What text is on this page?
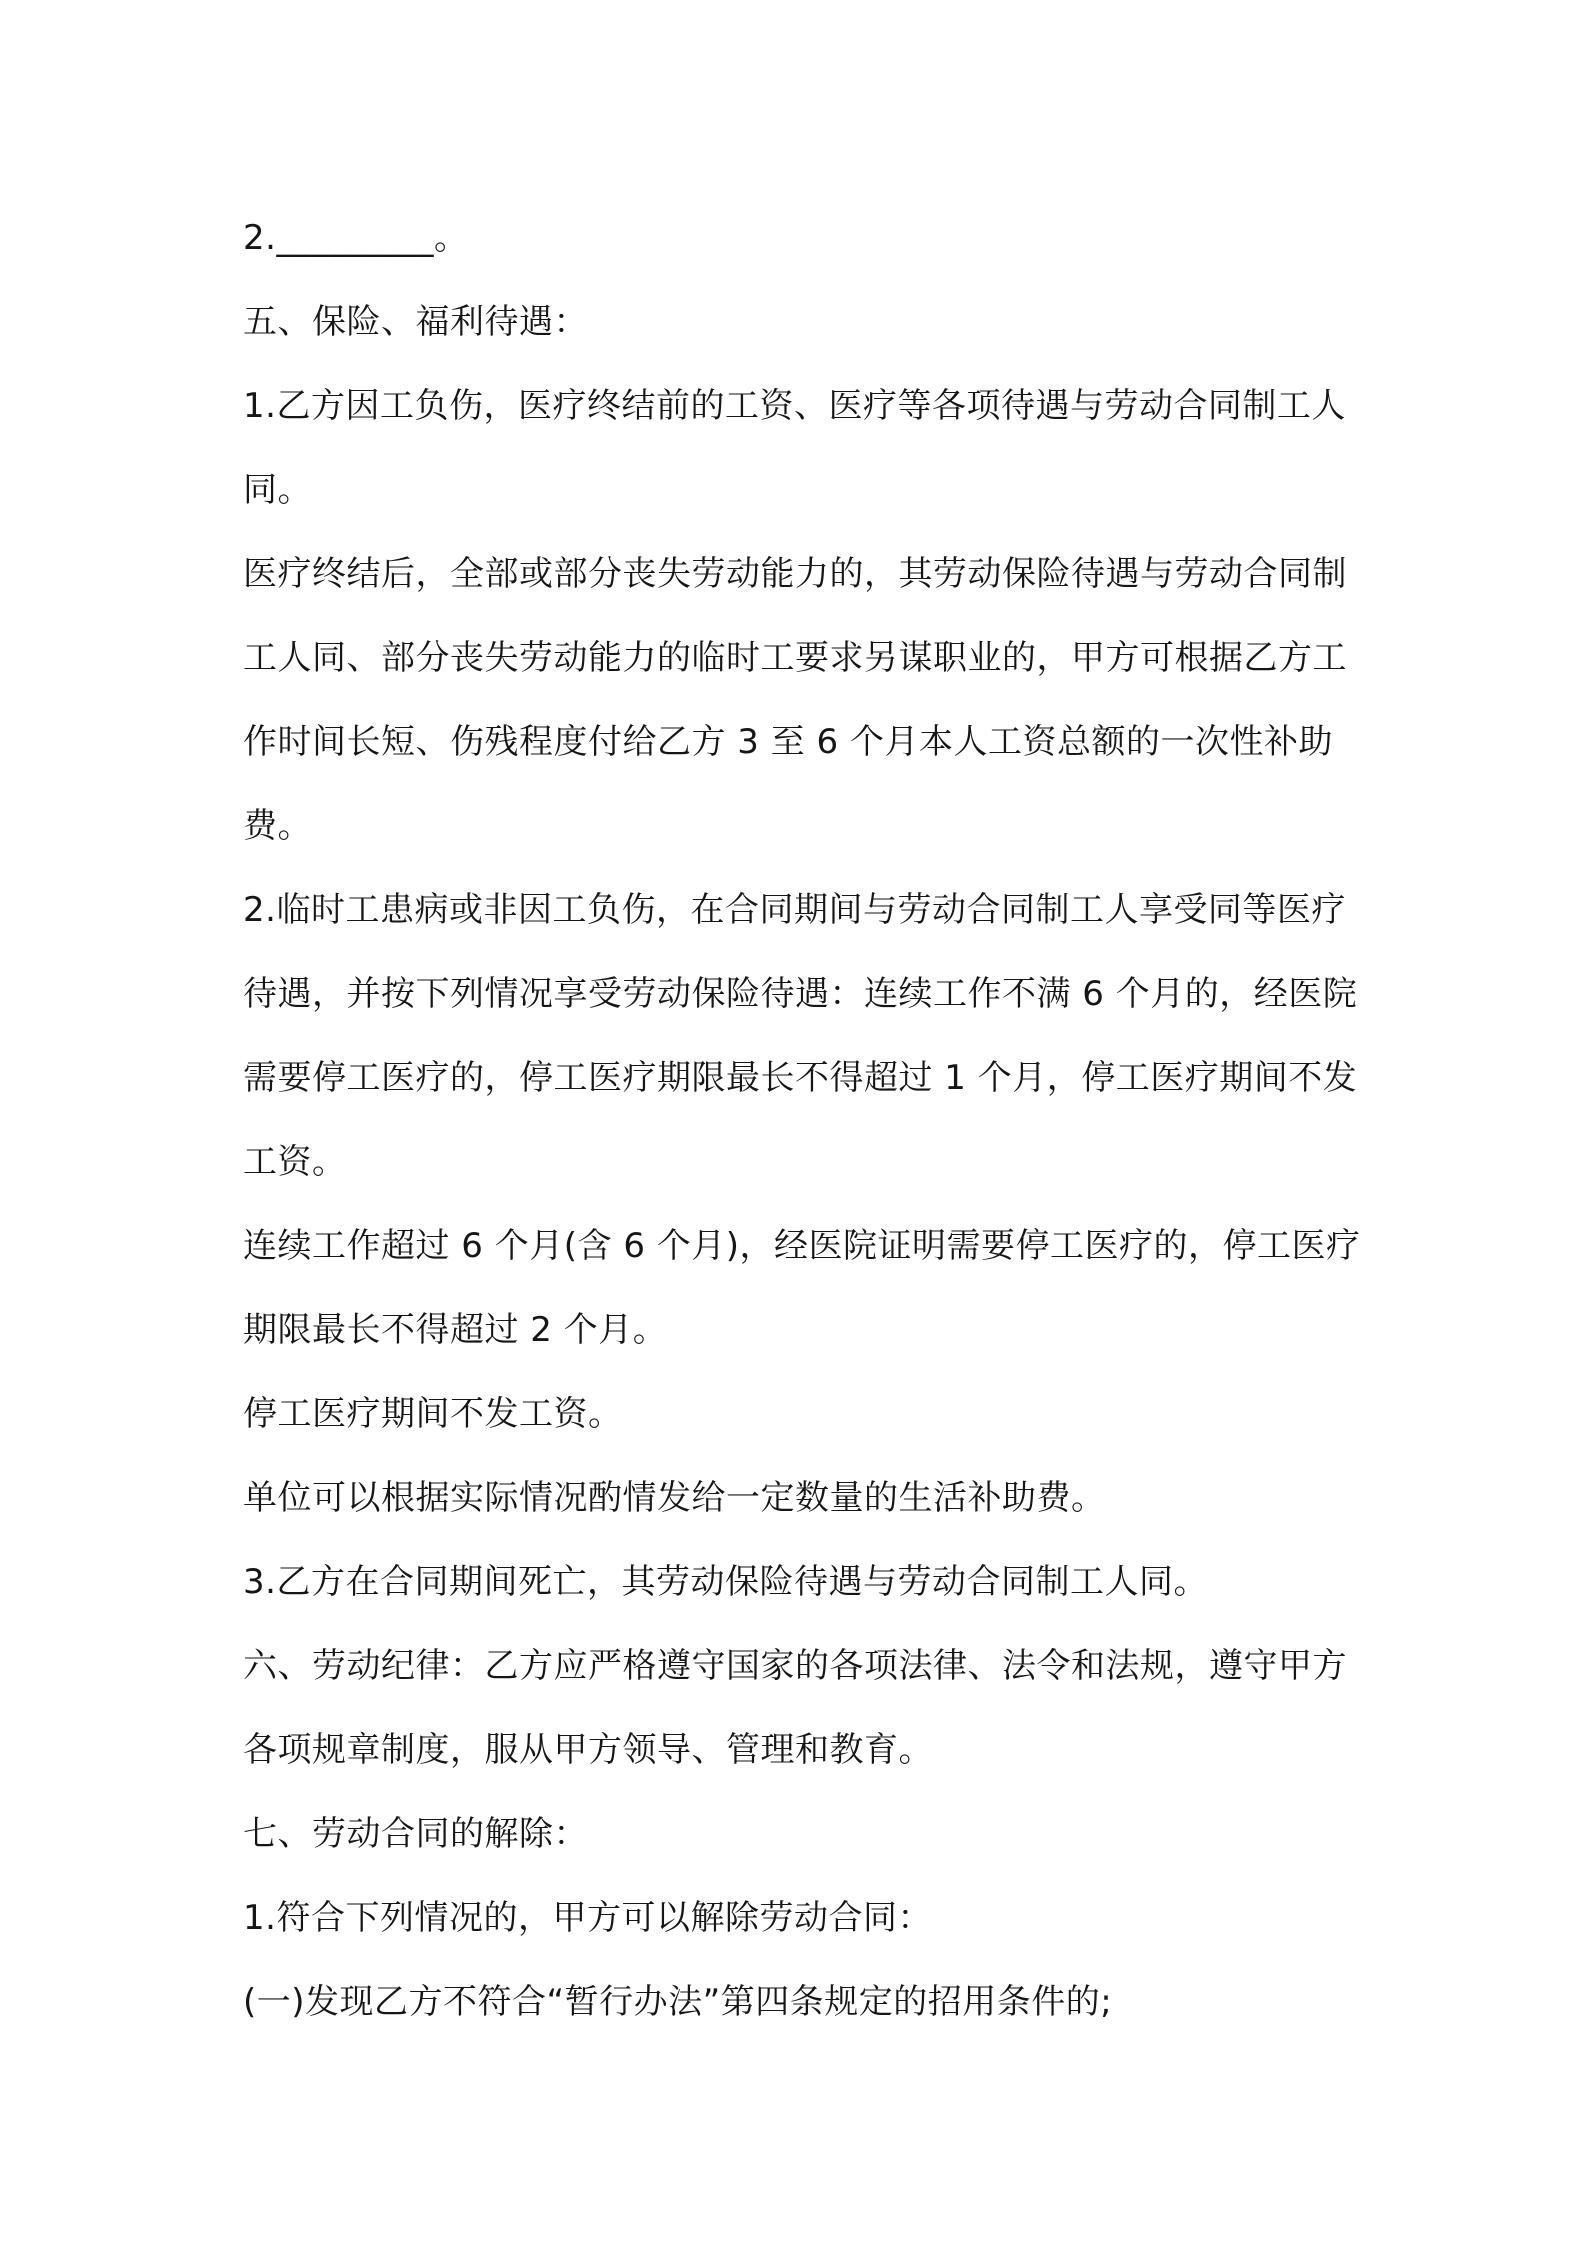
2._________。

五、保险、福利待遇：

1.乙方因工负伤，医疗终结前的工资、医疗等各项待遇与劳动合同制工人同。

医疗终结后，全部或部分丧失劳动能力的，其劳动保险待遇与劳动合同制工人同、部分丧失劳动能力的临时工要求另谋职业的，甲方可根据乙方工作时间长短、伤残程度付给乙方 3 至 6 个月本人工资总额的一次性补助费。

2.临时工患病或非因工负伤，在合同期间与劳动合同制工人享受同等医疗待遇，并按下列情况享受劳动保险待遇：连续工作不满 6 个月的，经医院需要停工医疗的，停工医疗期限最长不得超过 1 个月，停工医疗期间不发工资。

连续工作超过 6 个月(含 6 个月)，经医院证明需要停工医疗的，停工医疗期限最长不得超过 2 个月。

停工医疗期间不发工资。

单位可以根据实际情况酌情发给一定数量的生活补助费。

3.乙方在合同期间死亡，其劳动保险待遇与劳动合同制工人同。

六、劳动纪律：乙方应严格遵守国家的各项法律、法令和法规，遵守甲方各项规章制度，服从甲方领导、管理和教育。

七、劳动合同的解除：

1.符合下列情况的，甲方可以解除劳动合同：

(一)发现乙方不符合“暂行办法”第四条规定的招用条件的;
